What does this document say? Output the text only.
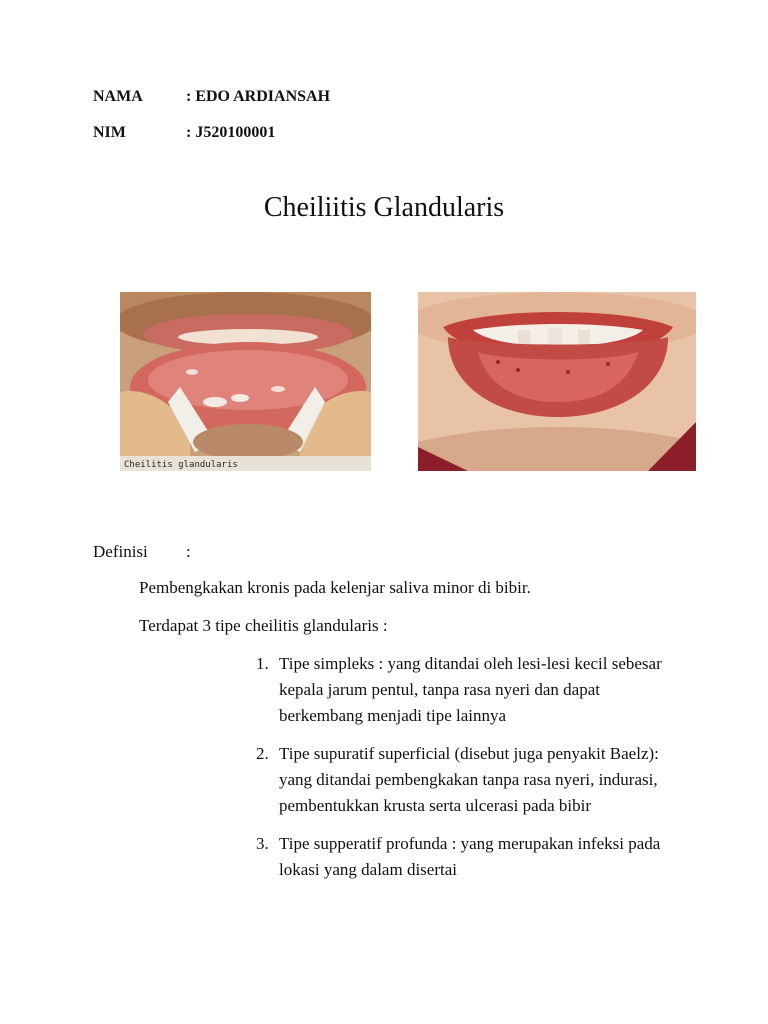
NAMA	: EDO ARDIANSAH
NIM	: J520100001
Cheiliitis Glandularis
Cheilitis glandularis
Definisi :
Pembengkakan kronis pada kelenjar saliva minor di bibir.
Terdapat 3 tipe cheilitis glandularis :
1. Tipe simpleks : yang ditandai oleh lesi-lesi kecil sebesar kepala jarum pentul, tanpa rasa nyeri dan dapat berkembang menjadi tipe lainnya
2. Tipe supuratif superficial (disebut juga penyakit Baelz): yang ditandai pembengkakan tanpa rasa nyeri, indurasi, pembentukkan krusta serta ulcerasi pada bibir
3. Tipe supperatif profunda : yang merupakan infeksi pada lokasi yang dalam disertai
